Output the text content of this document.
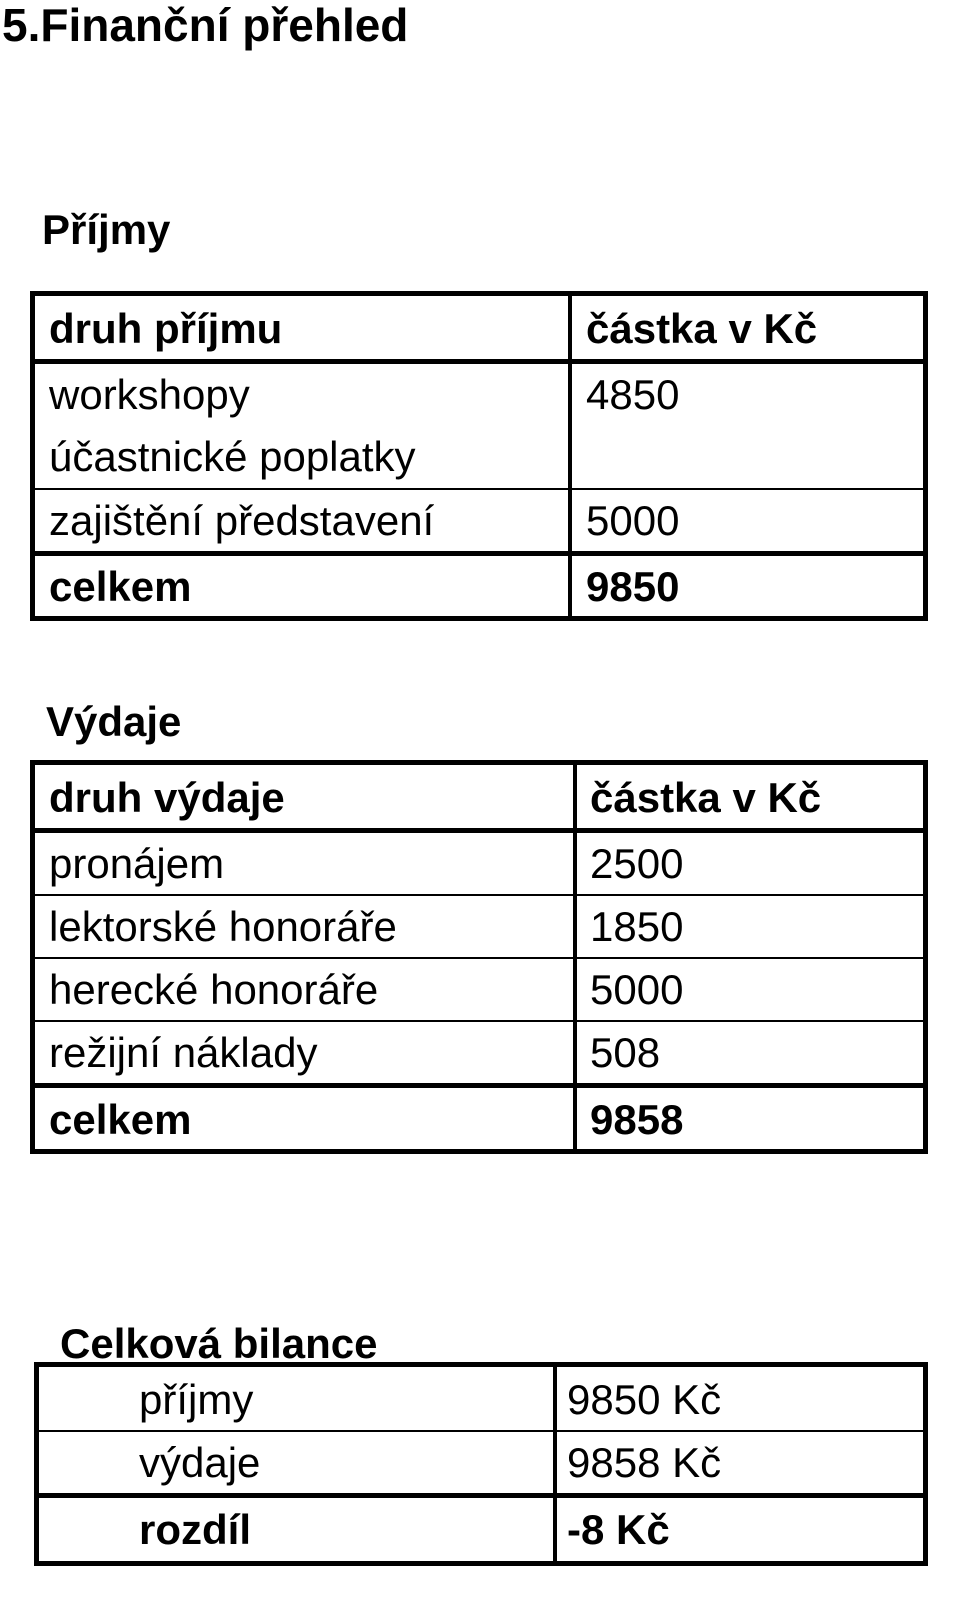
5.Finanční přehled
Příjmy
druh příjmu	částka v Kč
workshopy	4850
účastnické poplatky
zajištění představení	5000
celkem	9850
Výdaje
druh výdaje	částka v Kč
pronájem	2500
lektorské honoráře	1850
herecké honoráře	5000
režijní náklady	508
celkem	9858
Celková bilance
příjmy	9850 Kč
výdaje	9858 Kč
rozdíl	-8 Kč
